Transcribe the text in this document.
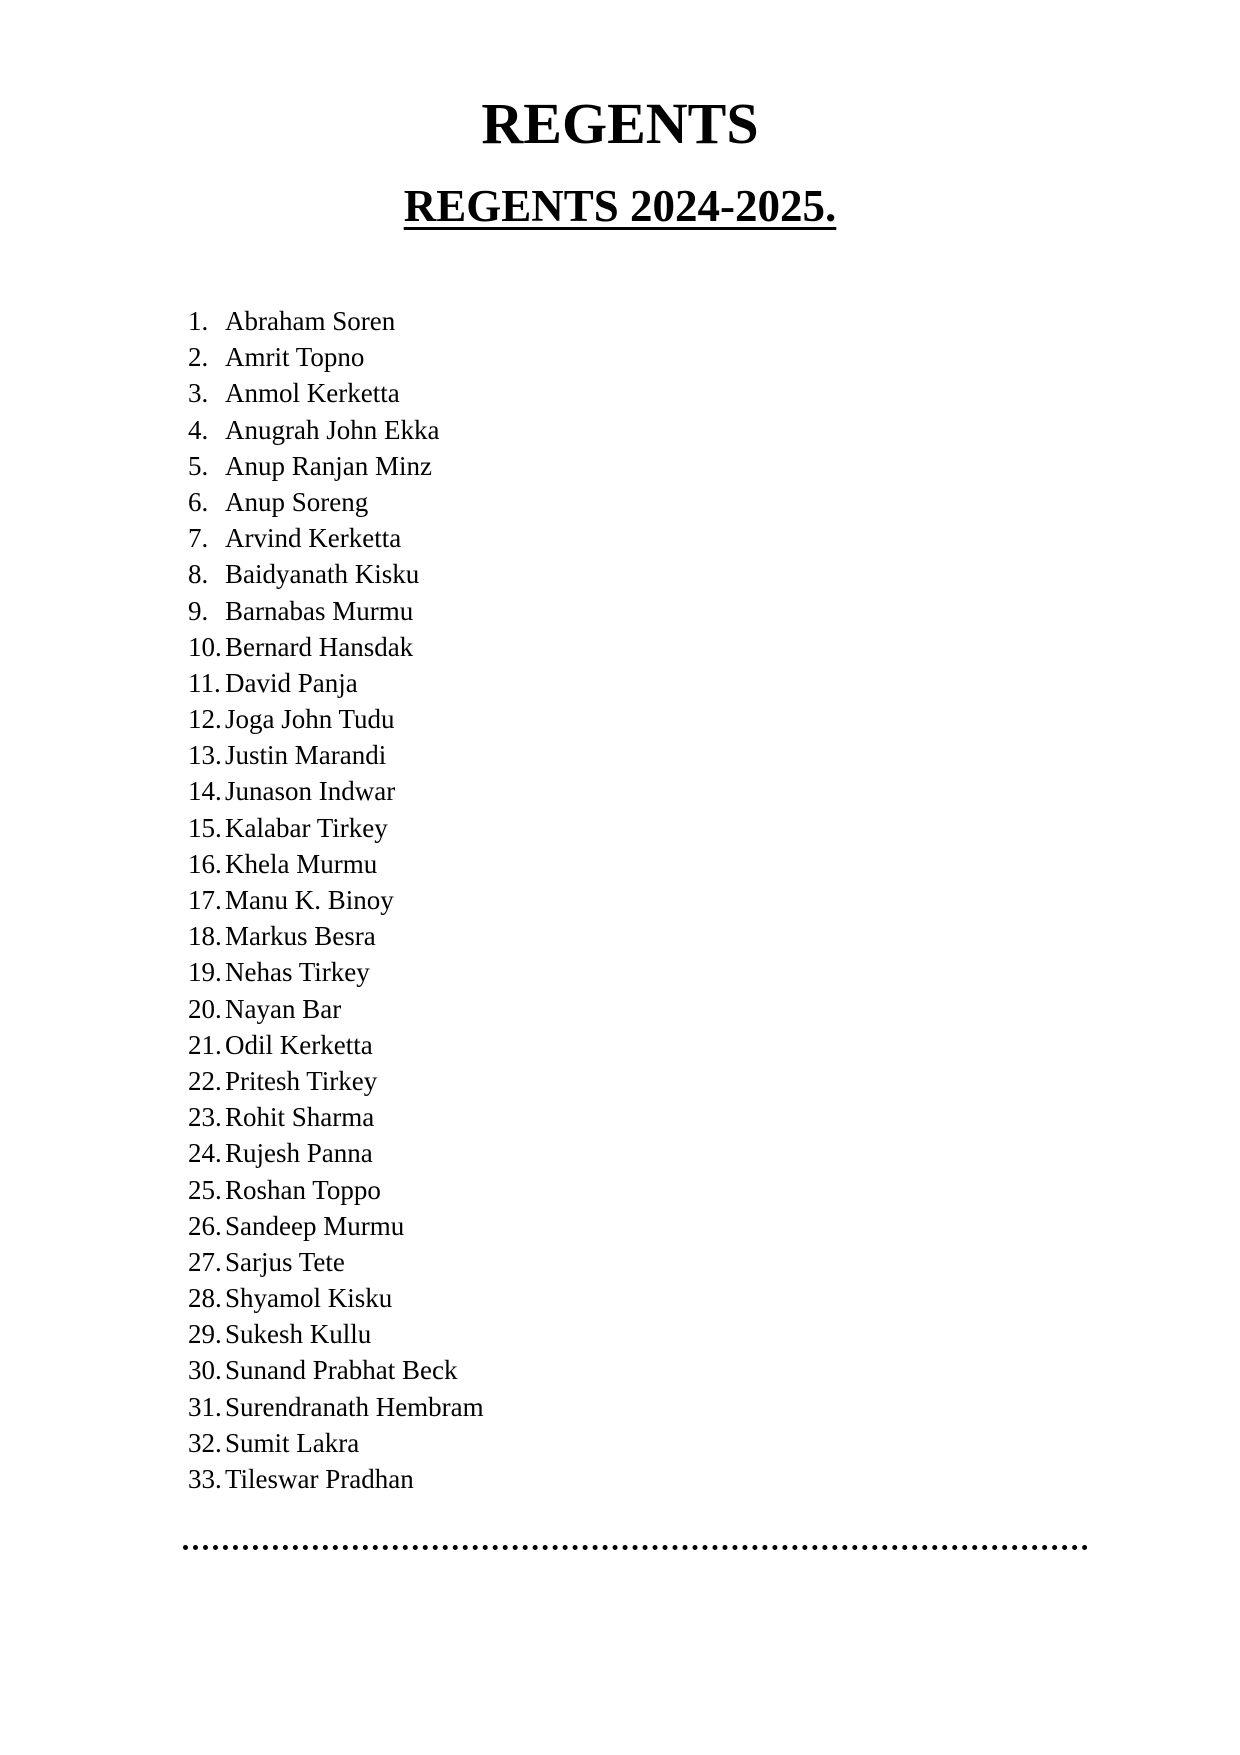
REGENTS
REGENTS 2024-2025.
1. Abraham Soren
2. Amrit Topno
3. Anmol Kerketta
4. Anugrah John Ekka
5. Anup Ranjan Minz
6. Anup Soreng
7. Arvind Kerketta
8. Baidyanath Kisku
9. Barnabas Murmu
10. Bernard Hansdak
11. David Panja
12. Joga John Tudu
13. Justin Marandi
14. Junason Indwar
15. Kalabar Tirkey
16. Khela Murmu
17. Manu K. Binoy
18. Markus Besra
19. Nehas Tirkey
20. Nayan Bar
21. Odil Kerketta
22. Pritesh Tirkey
23. Rohit Sharma
24. Rujesh Panna
25. Roshan Toppo
26. Sandeep Murmu
27. Sarjus Tete
28. Shyamol Kisku
29. Sukesh Kullu
30. Sunand Prabhat Beck
31. Surendranath Hembram
32. Sumit Lakra
33. Tileswar Pradhan
